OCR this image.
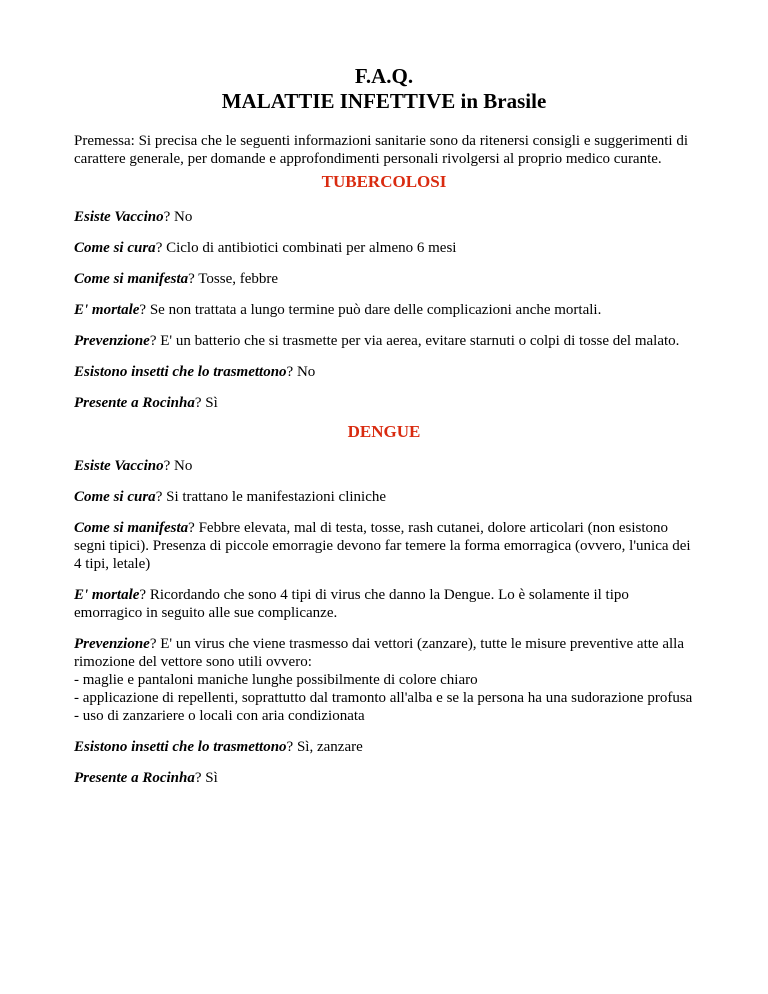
F.A.Q.
MALATTIE INFETTIVE in Brasile

Premessa: Si precisa che le seguenti informazioni sanitarie sono da ritenersi consigli e suggerimenti di carattere generale, per domande e approfondimenti personali rivolgersi al proprio medico curante.

TUBERCOLOSI

Esiste Vaccino? No

Come si cura? Ciclo di antibiotici combinati per almeno 6 mesi

Come si manifesta? Tosse, febbre

E' mortale? Se non trattata a lungo termine può dare delle complicazioni anche mortali.

Prevenzione? E' un batterio che si trasmette per via aerea, evitare starnuti o colpi di tosse del malato.

Esistono insetti che lo trasmettono? No

Presente a Rocinha? Sì

DENGUE

Esiste Vaccino? No

Come si cura? Si trattano le manifestazioni cliniche

Come si manifesta? Febbre elevata, mal di testa, tosse, rash cutanei, dolore articolari (non esistono segni tipici). Presenza di piccole emorragie devono far temere la forma emorragica (ovvero, l'unica dei 4 tipi, letale)

E' mortale? Ricordando che sono 4 tipi di virus che danno la Dengue. Lo è solamente il tipo emorragico in seguito alle sue complicanze.

Prevenzione? E' un virus che viene trasmesso dai vettori (zanzare), tutte le misure preventive atte alla rimozione del vettore sono utili ovvero:
- maglie e pantaloni maniche lunghe possibilmente di colore chiaro
- applicazione di repellenti, soprattutto dal tramonto all'alba e se la persona ha una sudorazione profusa
- uso di zanzariere o locali con aria condizionata

Esistono insetti che lo trasmettono? Sì, zanzare

Presente a Rocinha? Sì
